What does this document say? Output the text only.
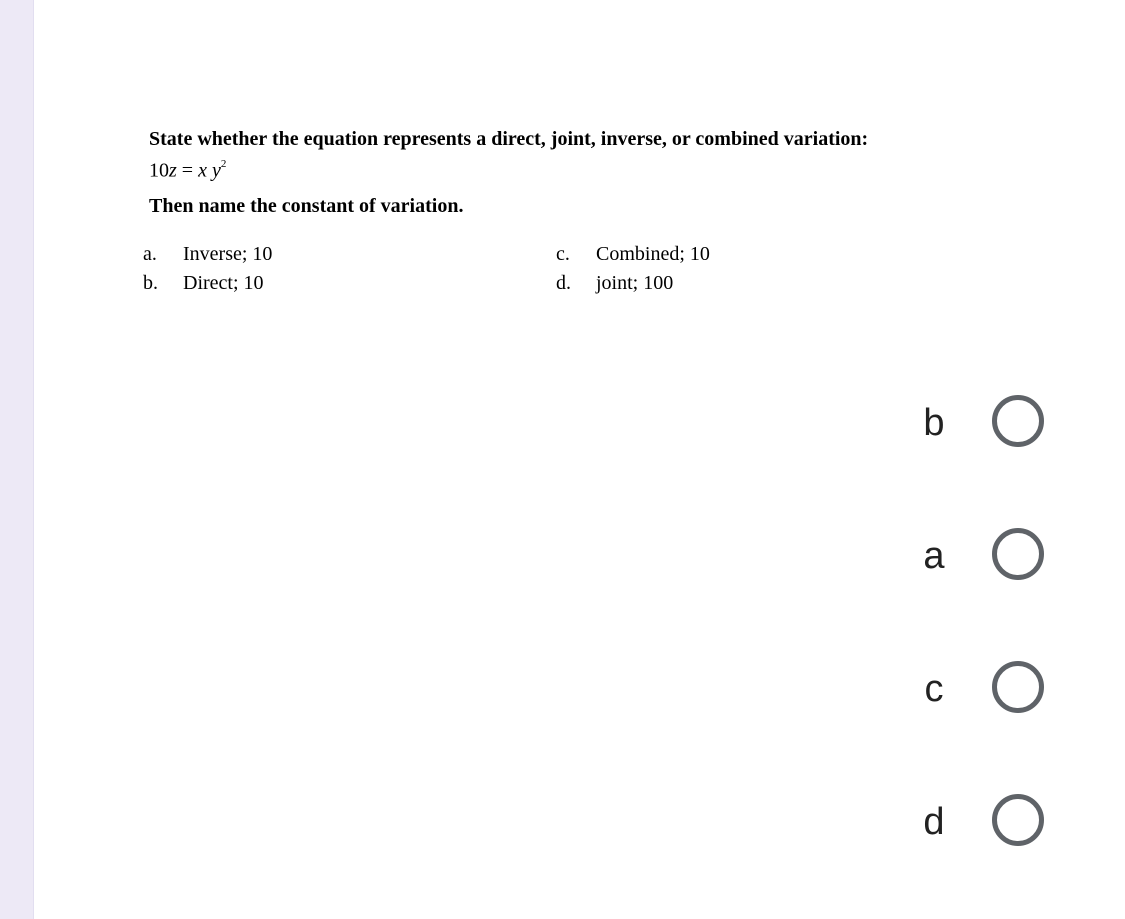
State whether the equation represents a direct, joint, inverse, or combined variation:

10z = x $y^2$

Then name the constant of variation.

a. Inverse; 10
b. Direct; 10
c. Combined; 10
d. joint; 100
b
a
c
d
